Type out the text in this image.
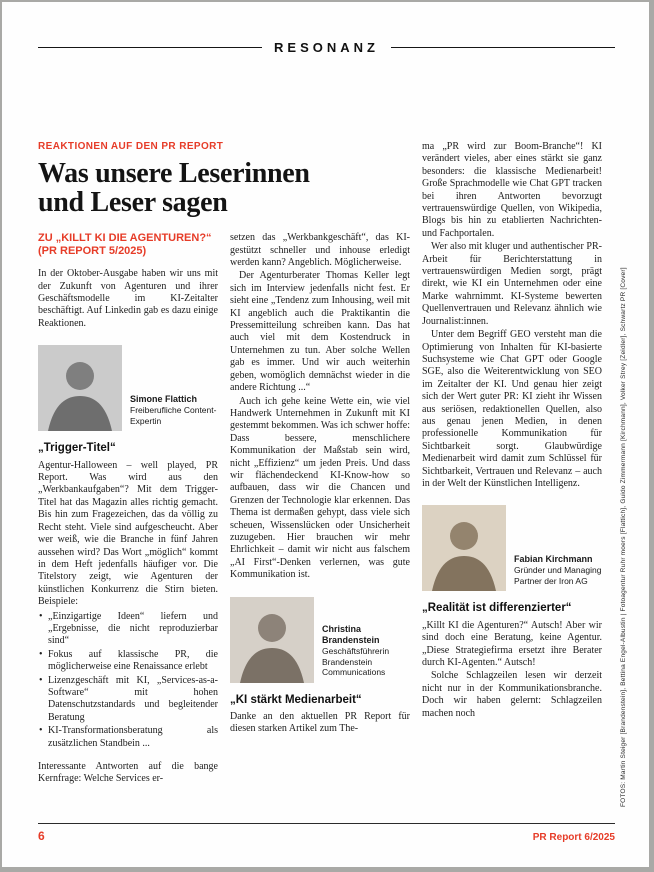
RESONANZ
REAKTIONEN AUF DEN PR REPORT
Was unsere Leserinnen
und Leser sagen
ZU „KILLT KI DIE AGENTUREN?“
(PR REPORT 5/2025)

In der Oktober-Ausgabe haben wir uns mit der Zukunft von Agenturen und ihrer Geschäftsmodelle im KI-Zeitalter beschäftigt. Auf Linkedin gab es dazu einige Reaktionen.

Simone Flattich
Freiberufliche Content-Expertin
„Trigger-Titel“

Agentur-Halloween – well played, PR Report. Was wird aus den „Werkbankaufgaben“? Mit dem Trigger-Titel hat das Magazin alles richtig gemacht. Bis hin zum Fragezeichen, das da völlig zu Recht steht. Viele sind aufgescheucht. Aber wer weiß, wie die Branche in fünf Jahren aussehen wird? Das Wort „möglich“ kommt in dem Heft jedenfalls häufiger vor. Die Titelstory zeigt, wie Agenturen der künstlichen Konkurrenz die Stirn bieten. Beispiele:

• „Einzigartige Ideen“ liefern und „Ergebnisse, die nicht reproduzierbar sind“
• Fokus auf klassische PR, die möglicherweise eine Renaissance erlebt
• Lizenzgeschäft mit KI, „Services-as-a-Software“ mit hohen Datenschutzstandards und begleitender Beratung
• KI-Transformationsberatung als zusätzlichen Standbein ...

Interessante Antworten auf die bange Kernfrage: Welche Services er-

setzen das „Werkbankgeschäft“, das KI-gestützt schneller und inhouse erledigt werden kann? Angeblich. Möglicherweise.

Der Agenturberater Thomas Keller legt sich im Interview jedenfalls nicht fest. Er sieht eine „Tendenz zum Inhousing, weil mit KI angeblich auch die Praktikantin die Pressemitteilung schreiben kann. Das hat auch viel mit dem Kostendruck in Unternehmen zu tun. Aber solche Wellen gab es immer. Und wir auch weiterhin geben, womöglich demnächst wieder in die andere Richtung ...“

Auch ich gehe keine Wette ein, wie viel Handwerk Unternehmen in Zukunft mit KI gestemmt bekommen. Was ich schwer hoffe: Dass bessere, menschlichere Kommunikation der Maßstab sein wird, nicht „Effizienz“ um jeden Preis. Und dass wir flächendeckend KI-Know-how so aufbauen, dass wir die Chancen und Grenzen der Technologie klar erkennen. Das Thema ist dermaßen gehypt, dass viele sich scheuen, Wissenslücken oder Unsicherheit zuzugeben. Hier brauchen wir mehr Ehrlichkeit – damit wir nicht aus falschem „AI First“-Denken verlernen, was gute Kommunikation ist.

Christina Brandenstein
Geschäftsführerin Brandenstein Communications
„KI stärkt Medienarbeit“

Danke an den aktuellen PR Report für diesen starken Artikel zum The-

ma „PR wird zur Boom-Branche“! KI verändert vieles, aber eines stärkt sie ganz besonders: die klassische Medienarbeit! Große Sprachmodelle wie Chat GPT tracken bei ihren Antworten bevorzugt vertrauenswürdige Quellen, von Wikipedia, Blogs bis hin zu etablierten Nachrichten- und Fachportalen.

Wer also mit kluger und authentischer PR-Arbeit für Berichterstattung in vertrauenswürdigen Medien sorgt, prägt direkt, wie KI ein Unternehmen oder eine Marke wahrnimmt. KI-Systeme bewerten Quellenvertrauen und Relevanz ähnlich wie Journalist:innen.

Unter dem Begriff GEO versteht man die Optimierung von Inhalten für KI-basierte Suchsysteme wie Chat GPT oder Google SGE, also die Weiterentwicklung von SEO im Zeitalter der KI. Und genau hier zeigt sich der Wert guter PR: KI zieht ihr Wissen aus seriösen, redaktionellen Quellen, also aus genau jenen Medien, in denen professionelle Kommunikation für Sichtbarkeit sorgt. Glaubwürdige Medienarbeit wird damit zum Schlüssel für Sichtbarkeit, Vertrauen und Relevanz – auch in der Welt der Künstlichen Intelligenz.

Fabian Kirchmann
Gründer und Managing Partner der Iron AG
„Realität ist differenzierter“

„Killt KI die Agenturen?“ Autsch! Aber wir sind doch eine Beratung, keine Agentur. „Diese Strategiefirma ersetzt ihre Berater durch KI-Agenten.“ Autsch!

Solche Schlagzeilen lesen wir derzeit nicht nur in der Kommunikationsbranche. Doch wir haben gelernt: Schlagzeilen machen noch	FOTOS: Martin Steiger [Brandenstein], Bettina Engel-Albustin | Fotoagentur Ruhr moers [Flattich], Guido Zimmermann [Kirchmann], Volker Strey [Zeidler], Schwartz PR [Cover]
6	PR Report 6/2025
